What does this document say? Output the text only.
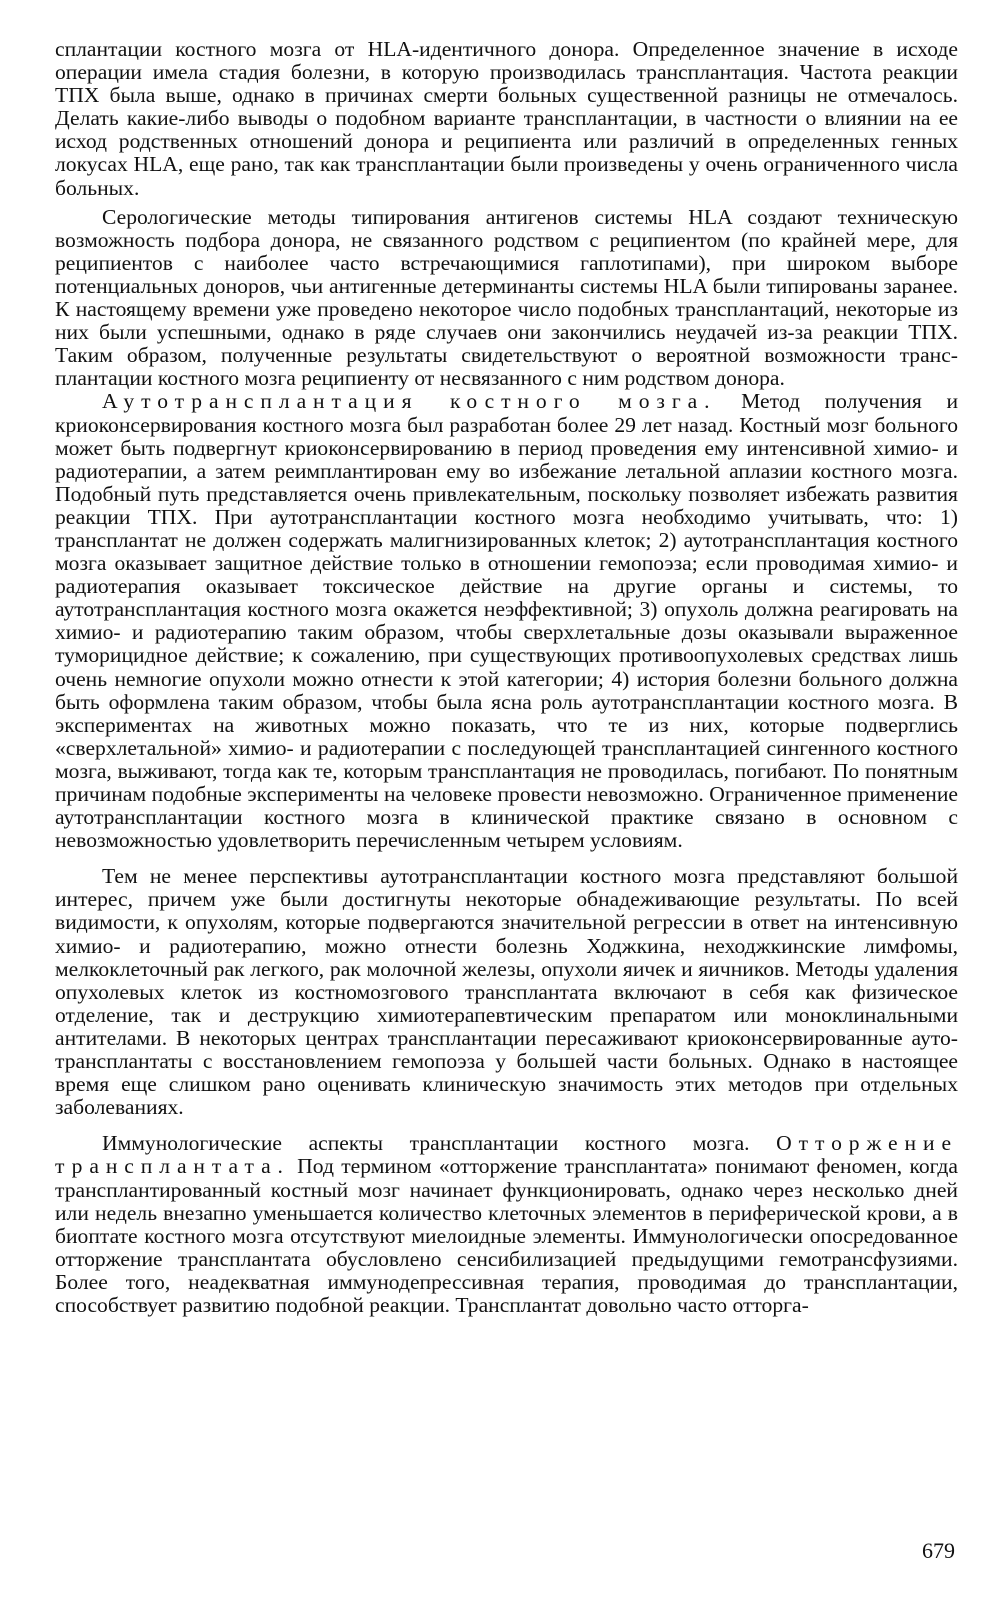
сплантации костного мозга от HLA-идентичного донора. Определенное значение в исходе операции имела стадия болезни, в которую производилась трансплантация. Частота реакции ТПХ была выше, однако в причинах смерти больных существенной разницы не отмечалось. Делать какие-либо выводы о подобном варианте трансплантации, в частности о влиянии на ее исход родственных отношений донора и реципиента или различий в определенных генных локусах HLA, еще рано, так как трансплантации были произведены у очень ограниченного числа больных.

Серологические методы типирования антигенов системы HLA создают техническую возможность подбора донора, не связанного родством с реципиентом (по крайней мере, для реципиентов с наиболее часто встречающимися гаплотипами), при широком выборе потенциальных доноров, чьи антигенные детерминанты системы HLA были типированы заранее. К настоящему времени уже проведено некоторое число подобных трансплантаций, некоторые из них были успешными, однако в ряде случаев они закончились неудачей из-за реакции ТПХ. Таким образом, полученные результаты свидетельствуют о вероятной возможности трансплантации костного мозга реципиенту от несвязанного с ним родством донора.

Аутотрансплантация костного мозга. Метод получения и криоконсервирования костного мозга был разработан более 29 лет назад. Костный мозг больного может быть подвергнут криоконсервированию в период проведения ему интенсивной химио- и радиотерапии, а затем реимплантирован ему во избежание летальной аплазии костного мозга. Подобный путь представляется очень привлекательным, поскольку позволяет избежать развития реакции ТПХ. При аутотрансплантации костного мозга необходимо учитывать, что: 1) трансплантат не должен содержать малигнизированных клеток; 2) аутотрансплантация костного мозга оказывает защитное действие только в отношении гемопоэза; если проводимая химио- и радиотерапия оказывает токсическое действие на другие органы и системы, то аутотрансплантация костного мозга окажется неэффективной; 3) опухоль должна реагировать на химио- и радиотерапию таким образом, чтобы сверхлетальные дозы оказывали выраженное туморицидное действие; к сожалению, при существующих противоопухолевых средствах лишь очень немногие опухоли можно отнести к этой категории; 4) история болезни больного должна быть оформлена таким образом, чтобы была ясна роль аутотрансплантации костного мозга. В экспериментах на животных можно показать, что те из них, которые подверглись «сверхлетальной» химио- и радиотерапии с последующей трансплантацией сингенного костного мозга, выживают, тогда как те, которым трансплантация не проводилась, погибают. По понятным причинам подобные эксперименты на человеке провести невозможно. Ограниченное применение аутотрансплантации костного мозга в клинической практике связано в основном с невозможностью удовлетворить перечисленным четырем условиям.

Тем не менее перспективы аутотрансплантации костного мозга представляют большой интерес, причем уже были достигнуты некоторые обнадеживающие результаты. По всей видимости, к опухолям, которые подвергаются значительной регрессии в ответ на интенсивную химио- и радиотерапию, можно отнести болезнь Ходжкина, неходжкинские лимфомы, мелкоклеточный рак легкого, рак молочной железы, опухоли яичек и яичников. Методы удаления опухолевых клеток из костномозгового трансплантата включают в себя как физическое отделение, так и деструкцию химиотерапевтическим препаратом или моноклинальными антителами. В некоторых центрах трансплантации пересаживают криоконсервированные аутотрансплантаты с восстановлением гемопоэза у большей части больных. Однако в настоящее время еще слишком рано оценивать клиническую значимость этих методов при отдельных заболеваниях.

Иммунологические аспекты трансплантации костного мозга. Отторжение трансплантата. Под термином «отторжение трансплантата» понимают феномен, когда трансплантированный костный мозг начинает функционировать, однако через несколько дней или недель внезапно уменьшается количество клеточных элементов в периферической крови, а в биоптате костного мозга отсутствуют миелоидные элементы. Иммунологически опосредованное отторжение трансплантата обусловлено сенсибилизацией предыдущими гемотрансфузиями. Более того, неадекватная иммунодепрессивная терапия, проводимая до трансплантации, способствует развитию подобной реакции. Трансплантат довольно часто отторга-

679
